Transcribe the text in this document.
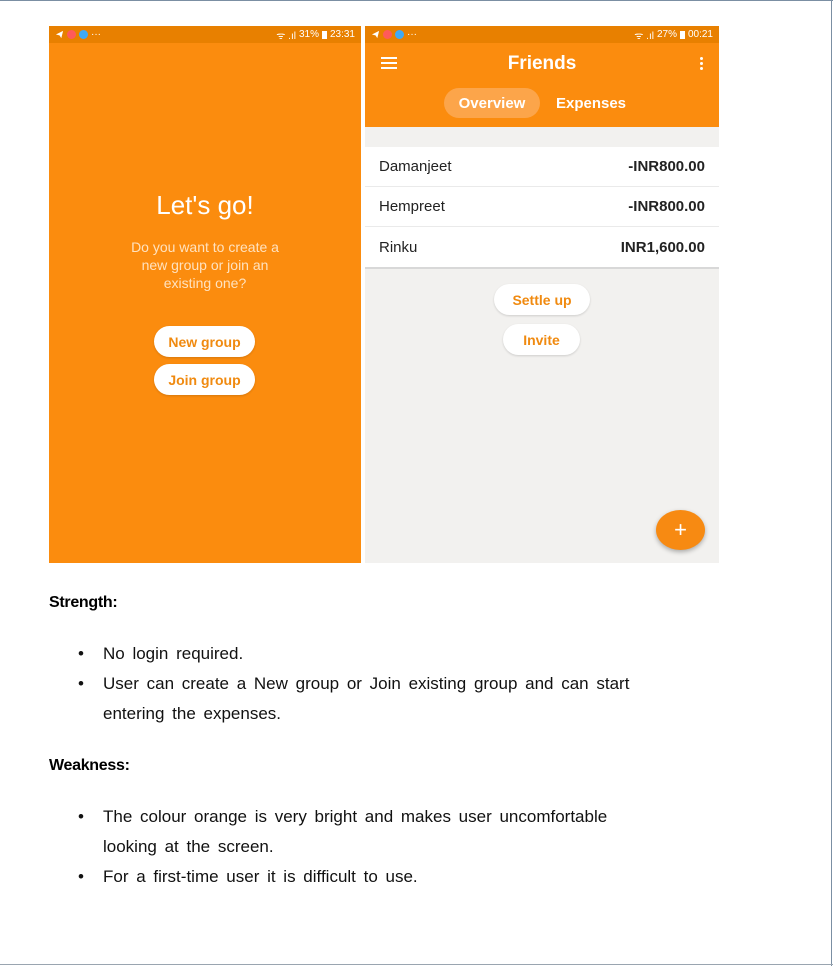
···	ᯤ .ıl 31% 23:31
Let's go!
Do you want to create a new group or join an existing one?
New group
Join group
···	ᯤ .ıl 27% 00:21
Friends
Overview	Expenses
Damanjeet	-INR800.00
Hempreet	-INR800.00
Rinku	INR1,600.00
Settle up
Invite
+
Strength:
• No login required.
• User can create a New group or Join existing group and can start entering the expenses.
Weakness:
• The colour orange is very bright and makes user uncomfortable looking at the screen.
• For a first-time user it is difficult to use.
